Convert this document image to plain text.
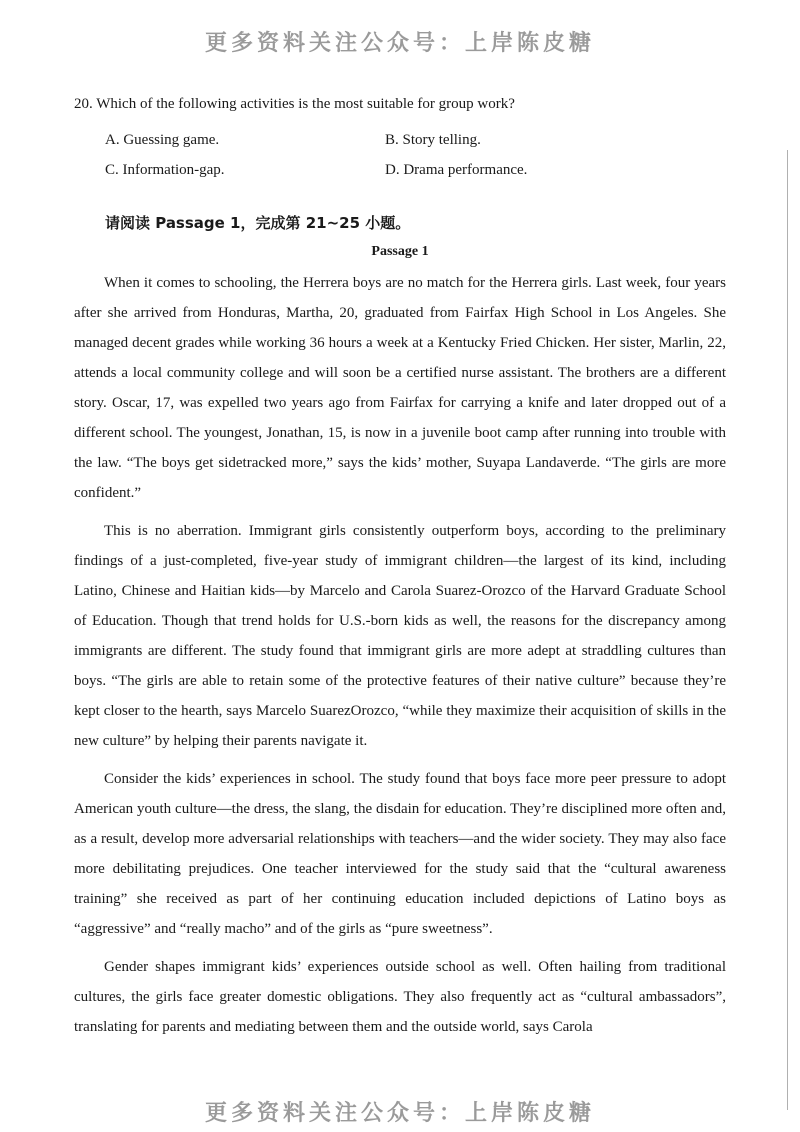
更多资料关注公众号：上岸陈皮糖
20. Which of the following activities is the most suitable for group work?
A. Guessing game.	B. Story telling.
C. Information-gap.	D. Drama performance.
请阅读 Passage 1，完成第 21~25 小题。
Passage 1

When it comes to schooling, the Herrera boys are no match for the Herrera girls. Last week, four years after she arrived from Honduras, Martha, 20, graduated from Fairfax High School in Los Angeles. She managed decent grades while working 36 hours a week at a Kentucky Fried Chicken. Her sister, Marlin, 22, attends a local community college and will soon be a certified nurse assistant. The brothers are a different story. Oscar, 17, was expelled two years ago from Fairfax for carrying a knife and later dropped out of a different school. The youngest, Jonathan, 15, is now in a juvenile boot camp after running into trouble with the law. “The boys get sidetracked more,” says the kids’ mother, Suyapa Landaverde. “The girls are more confident.”

This is no aberration. Immigrant girls consistently outperform boys, according to the preliminary findings of a just-completed, five-year study of immigrant children—the largest of its kind, including Latino, Chinese and Haitian kids—by Marcelo and Carola Suarez-Orozco of the Harvard Graduate School of Education. Though that trend holds for U.S.-born kids as well, the reasons for the discrepancy among immigrants are different. The study found that immigrant girls are more adept at straddling cultures than boys. “The girls are able to retain some of the protective features of their native culture” because they’re kept closer to the hearth, says Marcelo SuarezOrozco, “while they maximize their acquisition of skills in the new culture” by helping their parents navigate it.

Consider the kids’ experiences in school. The study found that boys face more peer pressure to adopt American youth culture—the dress, the slang, the disdain for education. They’re disciplined more often and, as a result, develop more adversarial relationships with teachers—and the wider society. They may also face more debilitating prejudices. One teacher interviewed for the study said that the “cultural awareness training” she received as part of her continuing education included depictions of Latino boys as “aggressive” and “really macho” and of the girls as “pure sweetness”.

Gender shapes immigrant kids’ experiences outside school as well. Often hailing from traditional cultures, the girls face greater domestic obligations. They also frequently act as “cultural ambassadors”, translating for parents and mediating between them and the outside world, says Carola

更多资料关注公众号：上岸陈皮糖
